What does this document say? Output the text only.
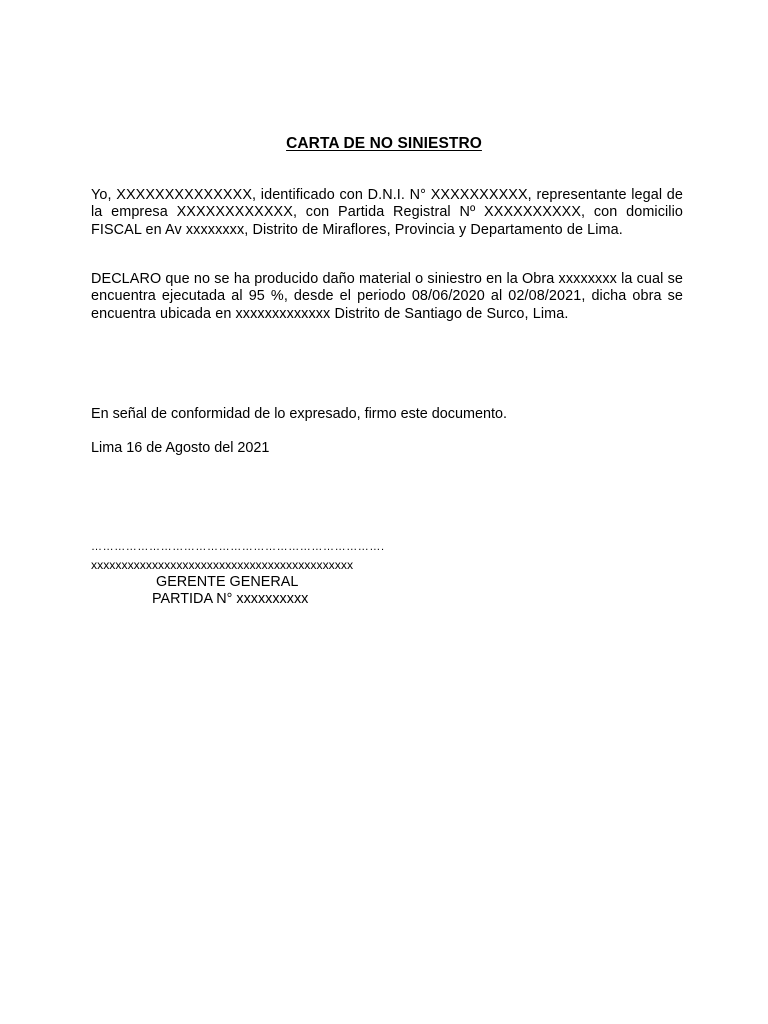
CARTA DE NO SINIESTRO
Yo, XXXXXXXXXXXXXX, identificado con D.N.I. N° XXXXXXXXXX, representante legal de la empresa XXXXXXXXXXXX, con Partida Registral Nº XXXXXXXXXX, con domicilio FISCAL en Av xxxxxxxx, Distrito de Miraflores, Provincia y Departamento de Lima.
DECLARO que no se ha producido daño material o siniestro en la Obra xxxxxxxx la cual se encuentra ejecutada al 95 %, desde el periodo 08/06/2020 al 02/08/2021, dicha obra se encuentra ubicada en xxxxxxxxxxxxx Distrito de Santiago de Surco, Lima.
En señal de conformidad de lo expresado, firmo este documento.
Lima 16 de Agosto del 2021
………………………………………………………………….
xxxxxxxxxxxxxxxxxxxxxxxxxxxxxxxxxxxxxxxxxxx
GERENTE GENERAL
PARTIDA N° xxxxxxxxxx
